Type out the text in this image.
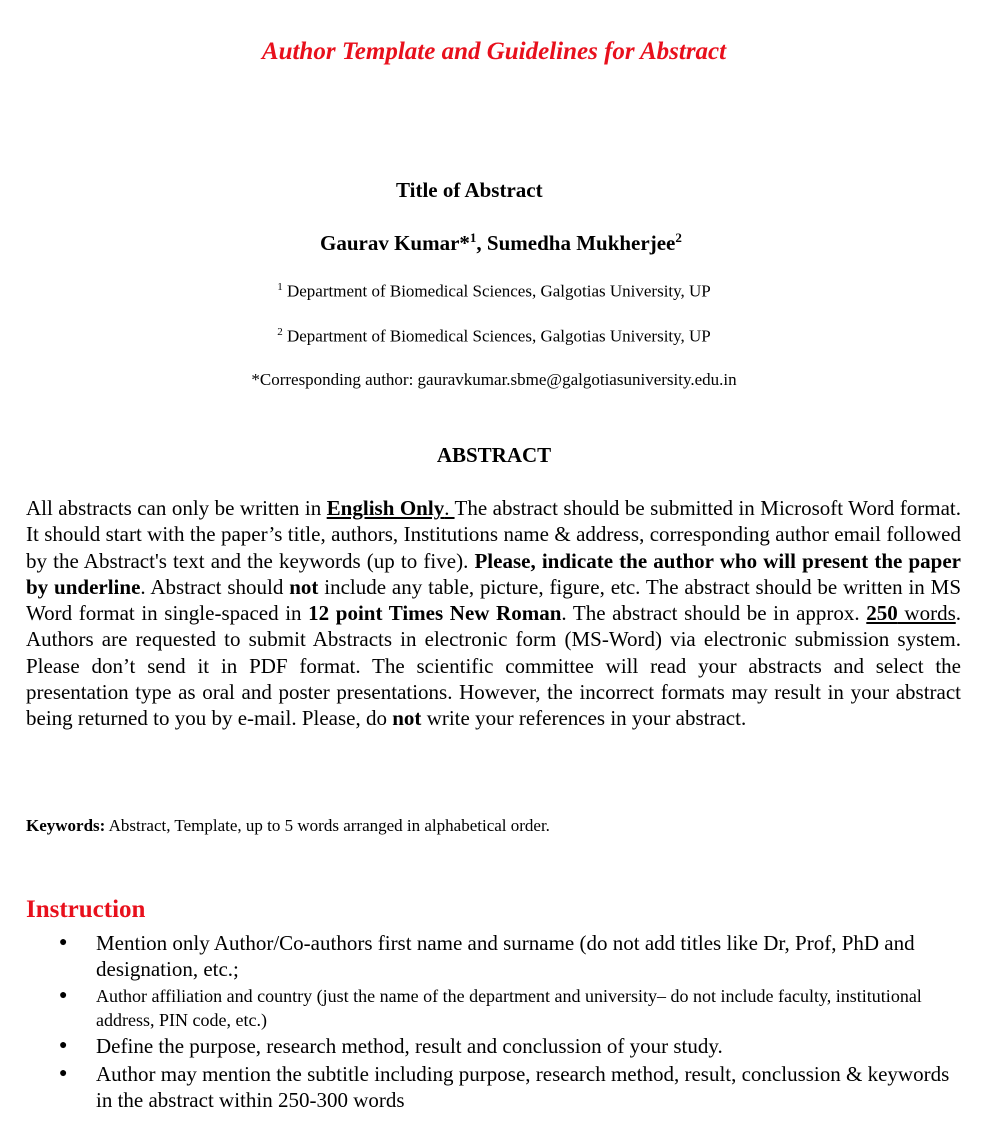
Author Template and Guidelines for Abstract
Title of Abstract
Gaurav Kumar*$^1$, Sumedha Mukherjee$^2$
$^1$ Department of Biomedical Sciences, Galgotias University, UP
$^2$ Department of Biomedical Sciences, Galgotias University, UP
*Corresponding author: gauravkumar.sbme@galgotiasuniversity.edu.in
ABSTRACT
All abstracts can only be written in English Only. The abstract should be submitted in Microsoft Word format. It should start with the paper’s title, authors, Institutions name & address, corresponding author email followed by the Abstract's text and the keywords (up to five). Please, indicate the author who will present the paper by underline. Abstract should not include any table, picture, figure, etc. The abstract should be written in MS Word format in single-spaced in 12 point Times New Roman. The abstract should be in approx. 250 words. Authors are requested to submit Abstracts in electronic form (MS-Word) via electronic submission system. Please don’t send it in PDF format. The scientific committee will read your abstracts and select the presentation type as oral and poster presentations. However, the incorrect formats may result in your abstract being returned to you by e-mail. Please, do not write your references in your abstract.
Keywords: Abstract, Template, up to 5 words arranged in alphabetical order.
Instruction
● Mention only Author/Co-authors first name and surname (do not add titles like Dr, Prof, PhD and designation, etc.;
● Author affiliation and country (just the name of the department and university– do not include faculty, institutional address, PIN code, etc.)
● Define the purpose, research method, result and conclussion of your study.
● Author may mention the subtitle including purpose, research method, result, conclussion & keywords in the abstract within 250-300 words
